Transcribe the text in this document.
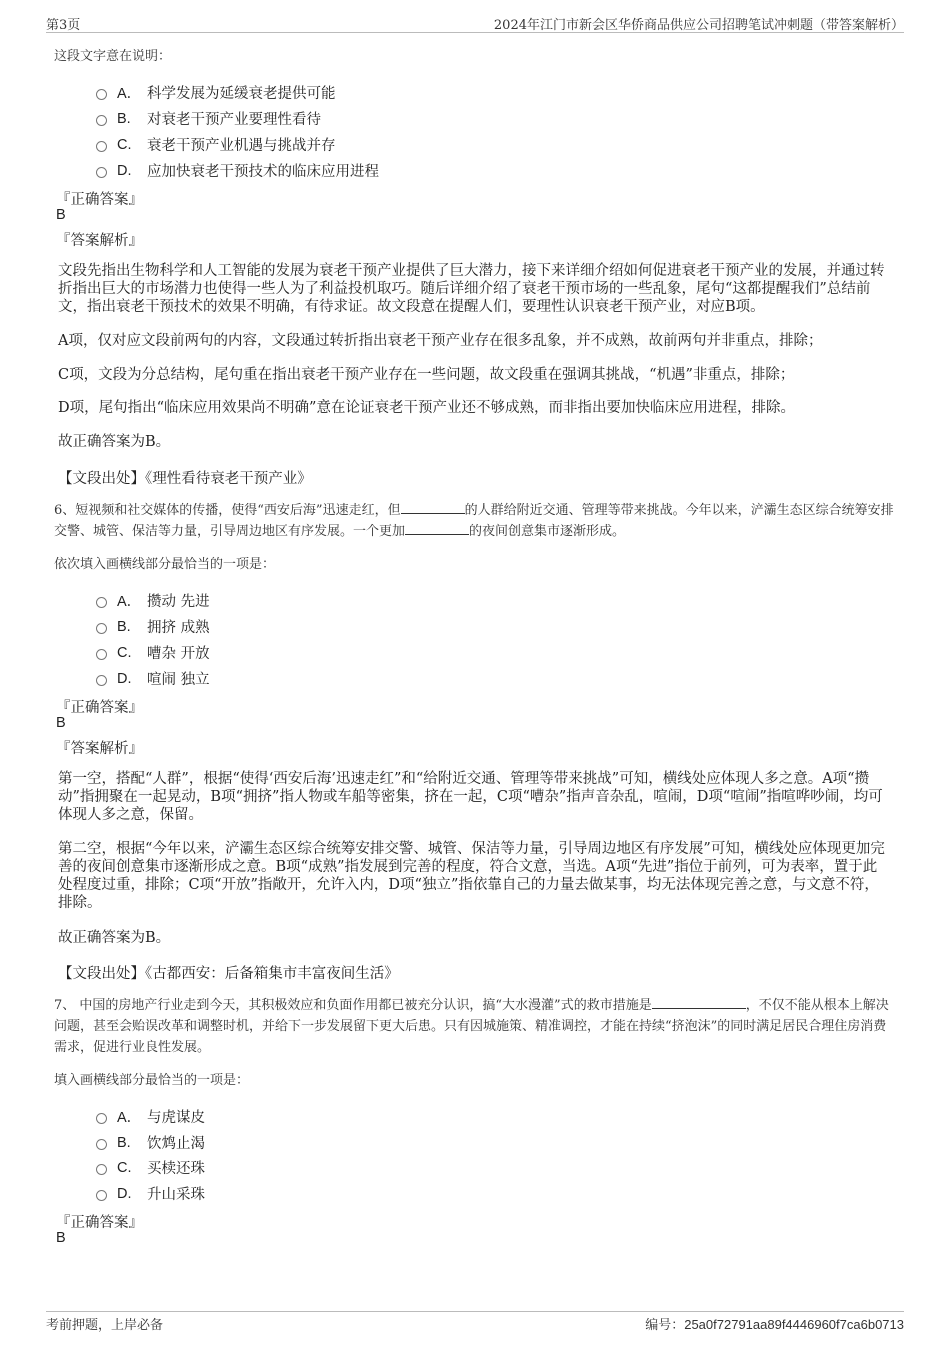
第3页	2024年江门市新会区华侨商品供应公司招聘笔试冲刺题（带答案解析）
这段文字意在说明：
A． 科学发展为延缓衰老提供可能
B.	对衰老干预产业要理性看待
C.	衰老干预产业机遇与挑战并存
D.	应加快衰老干预技术的临床应用进程
『正确答案』
B
『答案解析』
文段先指出生物科学和人工智能的发展为衰老干预产业提供了巨大潜力，接下来详细介绍如何促进衰老干预产业的发展，并通过转折指出巨大的市场潜力也使得一些人为了利益投机取巧。随后详细介绍了衰老干预市场的一些乱象，尾句“这都提醒我们”总结前文，指出衰老干预技术的效果不明确，有待求证。故文段意在提醒人们，要理性认识衰老干预产业，对应B项。
A项，仅对应文段前两句的内容，文段通过转折指出衰老干预产业存在很多乱象，并不成熟，故前两句并非重点，排除；
C项，文段为分总结构，尾句重在指出衰老干预产业存在一些问题，故文段重在强调其挑战，“机遇”非重点，排除；
D项，尾句指出“临床应用效果尚不明确”意在论证衰老干预产业还不够成熟，而非指出要加快临床应用进程，排除。
故正确答案为B。
【文段出处】《理性看待衰老干预产业》
6、短视频和社交媒体的传播，使得“西安后海”迅速走红，但	的人群给附近交通、管理等带来挑战。今年以来，浐灞生态区综合统筹安排交警、城管、保洁等力量，引导周边地区有序发展。一个更加	的夜间创意集市逐渐形成。
依次填入画横线部分最恰当的一项是：
A． 攒动 先进
B.	拥挤 成熟
C.	嘈杂 开放
D.	喧闹 独立
『正确答案』
B
『答案解析』
第一空，搭配“人群”，根据“使得‘西安后海’迅速走红”和“给附近交通、管理等带来挑战”可知，横线处应体现人多之意。A项“攒动”指拥聚在一起晃动，B项“拥挤”指人物或车船等密集，挤在一起，C项“嘈杂”指声音杂乱，喧闹，D项“喧闹”指喧哗吵闹，均可体现人多之意，保留。
第二空，根据“今年以来，浐灞生态区综合统筹安排交警、城管、保洁等力量，引导周边地区有序发展”可知，横线处应体现更加完善的夜间创意集市逐渐形成之意。B项“成熟”指发展到完善的程度，符合文意，当选。A项“先进”指位于前列，可为表率，置于此处程度过重，排除；C项“开放”指敞开，允许入内，D项“独立”指依靠自己的力量去做某事，均无法体现完善之意，与文意不符，排除。
故正确答案为B。
【文段出处】《古都西安：后备箱集市丰富夜间生活》
7、 中国的房地产行业走到今天，其积极效应和负面作用都已被充分认识，搞“大水漫灌”式的救市措施是	，不仅不能从根本上解决问题，甚至会贻误改革和调整时机，并给下一步发展留下更大后患。只有因城施策、精准调控，才能在持续“挤泡沫”的同时满足居民合理住房消费需求，促进行业良性发展。
填入画横线部分最恰当的一项是：
A． 与虎谋皮
B.	饮鸩止渴
C.	买椟还珠
D.	升山采珠
『正确答案』
B
考前押题，上岸必备	编号：25a0f72791aa89f4446960f7ca6b0713
